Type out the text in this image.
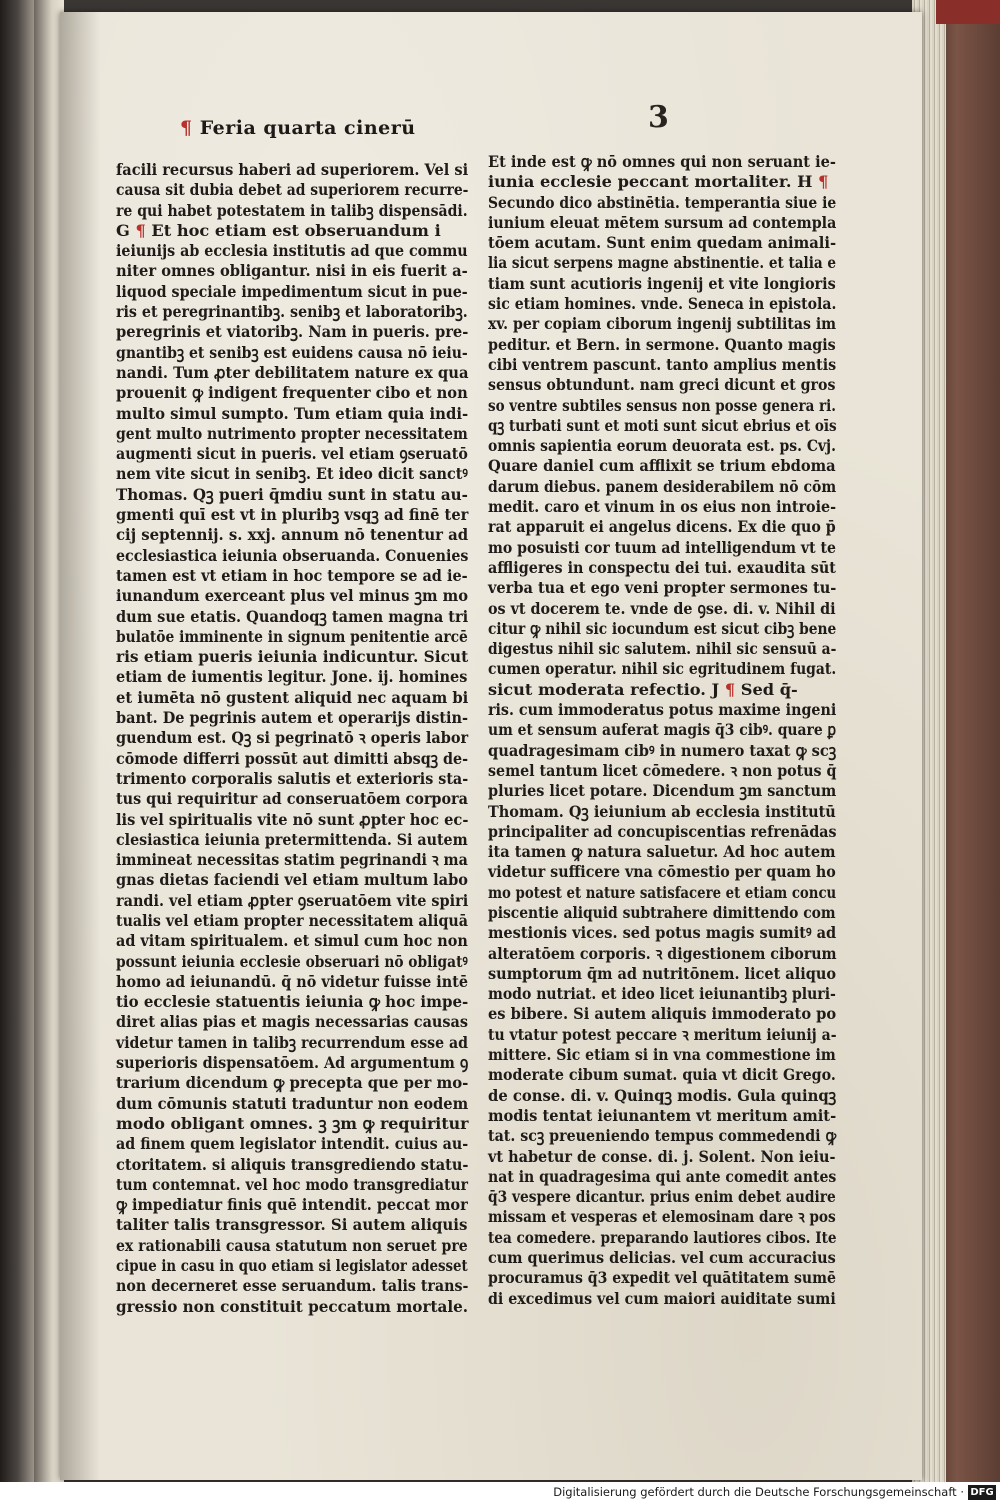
¶ Feria quarta cinerū	3
facili recursus haberi ad superiorem. Vel si
causa sit dubia debet ad superiorem recurre-
re qui habet potestatem in talibꝫ dispensādi.
G ¶ Et hoc etiam est obseruandum i
ieiunijs ab ecclesia institutis ad que commu
niter omnes obligantur. nisi in eis fuerit a-
liquod speciale impedimentum sicut in pue-
ris et peregrinantibꝫ. senibꝫ et laboratoribꝫ.
peregrinis et viatoribꝫ. Nam in pueris. pre-
gnantibꝫ et senibꝫ est euidens causa nō ieiu-
nandi. Tum ꝓter debilitatem nature ex qua
prouenit ꝙ indigent frequenter cibo et non
multo simul sumpto. Tum etiam quia indi-
gent multo nutrimento propter necessitatem
augmenti sicut in pueris. vel etiam ꝯseruatō
nem vite sicut in senibꝫ. Et ideo dicit sanctꝰ
Thomas. Qꝫ pueri q̄mdiu sunt in statu au-
gmenti quī est vt in pluribꝫ vsqꝫ ad finē ter
cij septennij. s. xxj. annum nō tenentur ad
ecclesiastica ieiunia obseruanda. Conuenies
tamen est vt etiam in hoc tempore se ad ie-
iunandum exerceant plus vel minus ꝫm mo
dum sue etatis. Quandoqꝫ tamen magna tri
bulatōe imminente in signum penitentie arcē
ris etiam pueris ieiunia indicuntur. Sicut
etiam de iumentis legitur. Jone. ij. homines
et iumēta nō gustent aliquid nec aquam bi
bant. De pegrinis autem et operarijs distin-
guendum est. Qꝫ si pegrinatō ꝛ operis labor
cōmode differri possūt aut dimitti absqꝫ de-
trimento corporalis salutis et exterioris sta-
tus qui requiritur ad conseruatōem corpora
lis vel spiritualis vite nō sunt ꝓpter hoc ec-
clesiastica ieiunia pretermittenda. Si autem
immineat necessitas statim pegrinandi ꝛ ma
gnas dietas faciendi vel etiam multum labo
randi. vel etiam ꝓpter ꝯseruatōem vite spiri
tualis vel etiam propter necessitatem aliquā
ad vitam spiritualem. et simul cum hoc non
possunt ieiunia ecclesie obseruari nō obligatꝰ
homo ad ieiunandū. q̄ nō videtur fuisse intē
tio ecclesie statuentis ieiunia ꝙ hoc impe-
diret alias pias et magis necessarias causas
videtur tamen in talibꝫ recurrendum esse ad
superioris dispensatōem. Ad argumentum ꝯ
trarium dicendum ꝙ precepta que per mo-
dum cōmunis statuti traduntur non eodem
modo obligant omnes. ꝫ ꝫm ꝙ requiritur
ad finem quem legislator intendit. cuius au-
ctoritatem. si aliquis transgrediendo statu-
tum contemnat. vel hoc modo transgrediatur
ꝙ impediatur finis quē intendit. peccat mor
taliter talis transgressor. Si autem aliquis
ex rationabili causa statutum non seruet pre
cipue in casu in quo etiam si legislator adesset
non decerneret esse seruandum. talis trans-
gressio non constituit peccatum mortale.
Et inde est ꝙ nō omnes qui non seruant ie-
iunia ecclesie peccant mortaliter. H ¶
Secundo dico abstinētia. temperantia siue ie
iunium eleuat mētem sursum ad contempla
tōem acutam. Sunt enim quedam animali-
lia sicut serpens magne abstinentie. et talia e
tiam sunt acutioris ingenij et vite longioris
sic etiam homines. vnde. Seneca in epistola.
xv. per copiam ciborum ingenij subtilitas im
peditur. et Bern. in sermone. Quanto magis
cibi ventrem pascunt. tanto amplius mentis
sensus obtundunt. nam greci dicunt et gros
so ventre subtiles sensus non posse genera ri.
qꝫ turbati sunt et moti sunt sicut ebrius et oīs
omnis sapientia eorum deuorata est. ps. Cvj.
Quare daniel cum afflixit se trium ebdoma
darum diebus. panem desiderabilem nō cōm
medit. caro et vinum in os eius non introie-
rat apparuit ei angelus dicens. Ex die quo p̄
mo posuisti cor tuum ad intelligendum vt te
affligeres in conspectu dei tui. exaudita sūt
verba tua et ego veni propter sermones tu-
os vt docerem te. vnde de ꝯse. di. v. Nihil di
citur ꝙ nihil sic iocundum est sicut cibꝫ bene
digestus nihil sic salutem. nihil sic sensuū a-
cumen operatur. nihil sic egritudinem fugat.
sicut moderata refectio. J ¶ Sed q̄-
ris. cum immoderatus potus maxime ingeni
um et sensum auferat magis q̄3 cibꝰ. quare ꝑ
quadragesimam cibꝰ in numero taxat ꝙ scꝫ
semel tantum licet cōmedere. ꝛ non potus q̄
pluries licet potare. Dicendum ꝫm sanctum
Thomam. Qꝫ ieiunium ab ecclesia institutū
principaliter ad concupiscentias refrenādas
ita tamen ꝙ natura saluetur. Ad hoc autem
videtur sufficere vna cōmestio per quam ho
mo potest et nature satisfacere et etiam concu
piscentie aliquid subtrahere dimittendo com
mestionis vices. sed potus magis sumitꝰ ad
alteratōem corporis. ꝛ digestionem ciborum
sumptorum q̄m ad nutritōnem. licet aliquo
modo nutriat. et ideo licet ieiunantibꝫ pluri-
es bibere. Si autem aliquis immoderato po
tu vtatur potest peccare ꝛ meritum ieiunij a-
mittere. Sic etiam si in vna commestione im
moderate cibum sumat. quia vt dicit Grego.
de conse. di. v. Quinqꝫ modis. Gula quinqꝫ
modis tentat ieiunantem vt meritum amit-
tat. scꝫ preueniendo tempus commedendi ꝙ
vt habetur de conse. di. j. Solent. Non ieiu-
nat in quadragesima qui ante comedit antes
q̄3 vespere dicantur. prius enim debet audire
missam et vesperas et elemosinam dare ꝛ pos
tea comedere. preparando lautiores cibos. Ite
cum querimus delicias. vel cum accuracius
procuramus q̄3 expedit vel quātitatem sumē
di excedimus vel cum maiori auiditate sumi
Digitalisierung gefördert durch die Deutsche Forschungsgemeinschaft · DFG
